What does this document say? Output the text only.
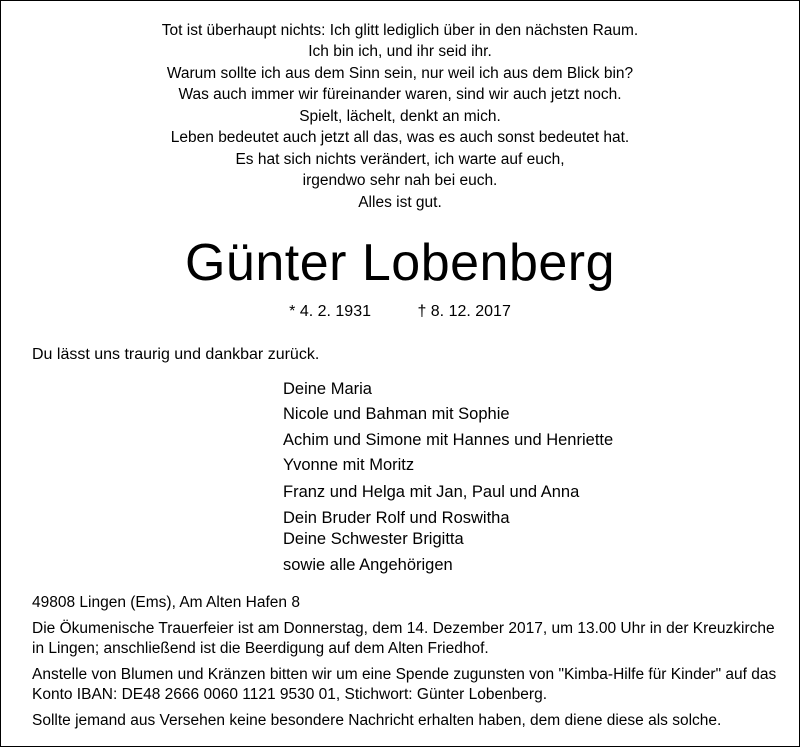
Tot ist überhaupt nichts: Ich glitt lediglich über in den nächsten Raum.
Ich bin ich, und ihr seid ihr.
Warum sollte ich aus dem Sinn sein, nur weil ich aus dem Blick bin?
Was auch immer wir füreinander waren, sind wir auch jetzt noch.
Spielt, lächelt, denkt an mich.
Leben bedeutet auch jetzt all das, was es auch sonst bedeutet hat.
Es hat sich nichts verändert, ich warte auf euch,
irgendwo sehr nah bei euch.
Alles ist gut.
Günter Lobenberg
* 4. 2. 1931	† 8. 12. 2017
Du lässt uns traurig und dankbar zurück.
Deine Maria
Nicole und Bahman mit Sophie
Achim und Simone mit Hannes und Henriette
Yvonne mit Moritz
Franz und Helga mit Jan, Paul und Anna
Dein Bruder Rolf und Roswitha
Deine Schwester Brigitta
sowie alle Angehörigen

49808 Lingen (Ems), Am Alten Hafen 8

Die Ökumenische Trauerfeier ist am Donnerstag, dem 14. Dezember 2017, um 13.00 Uhr in der Kreuzkirche in Lingen; anschließend ist die Beerdigung auf dem Alten Friedhof.

Anstelle von Blumen und Kränzen bitten wir um eine Spende zugunsten von "Kimba-Hilfe für Kinder" auf das Konto IBAN: DE48 2666 0060 1121 9530 01, Stichwort: Günter Lobenberg.

Sollte jemand aus Versehen keine besondere Nachricht erhalten haben, dem diene diese als solche.
